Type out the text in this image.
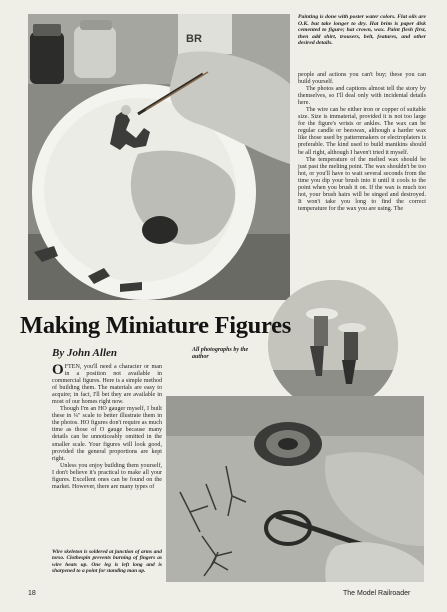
BR

Painting is done with poster water colors. Flat oils are O.K. but take longer to dry. Hat brim is paper disk cemented to figure; hat crown, wax. Paint flesh first, then add shirt, trousers, belt, features, and other desired details.

people and actions you can't buy; these you can build yourself.

The photos and captions almost tell the story by themselves, so I'll deal only with incidental details here.

The wire can be either iron or copper of suitable size. Size is immaterial, provided it is not too large for the figure's wrists or ankles. The wax can be regular candle or beeswax, although a harder wax like those used by patternmakers or electroplaters is preferable. The kind used to build manikins should be all right, although I haven't tried it myself.

The temperature of the melted wax should be just past the melting point. The wax shouldn't be too hot, or you'll have to wait several seconds from the time you dip your brush into it until it cools to the point when you brush it on. If the wax is much too hot, your brush hairs will be singed and destroyed. It won't take you long to find the correct temperature for the wax you are using. The

Making Miniature Figures
By John Allen	All photographs by the author

OFTEN, you'll need a character or man in a position not available in commercial figures. Here is a simple method of building them. The materials are easy to acquire; in fact, I'll bet they are available in most of our homes right now.

Though I'm an HO gauger myself, I built these in ¼" scale to better illustrate them in the photos. HO figures don't require as much time as those of O gauge because many details can be unnoticeably omitted in the smaller scale. Your figures will look good, provided the general proportions are kept right.

Unless you enjoy building them yourself, I don't believe it's practical to make all your figures. Excellent ones can be found on the market. However, there are many types of

Wire skeleton is soldered at junction of arms and torso. Clothespin prevents burning of fingers as wire heats up. One leg is left long and is sharpened to a point for standing man up.

18	The Model Railroader
